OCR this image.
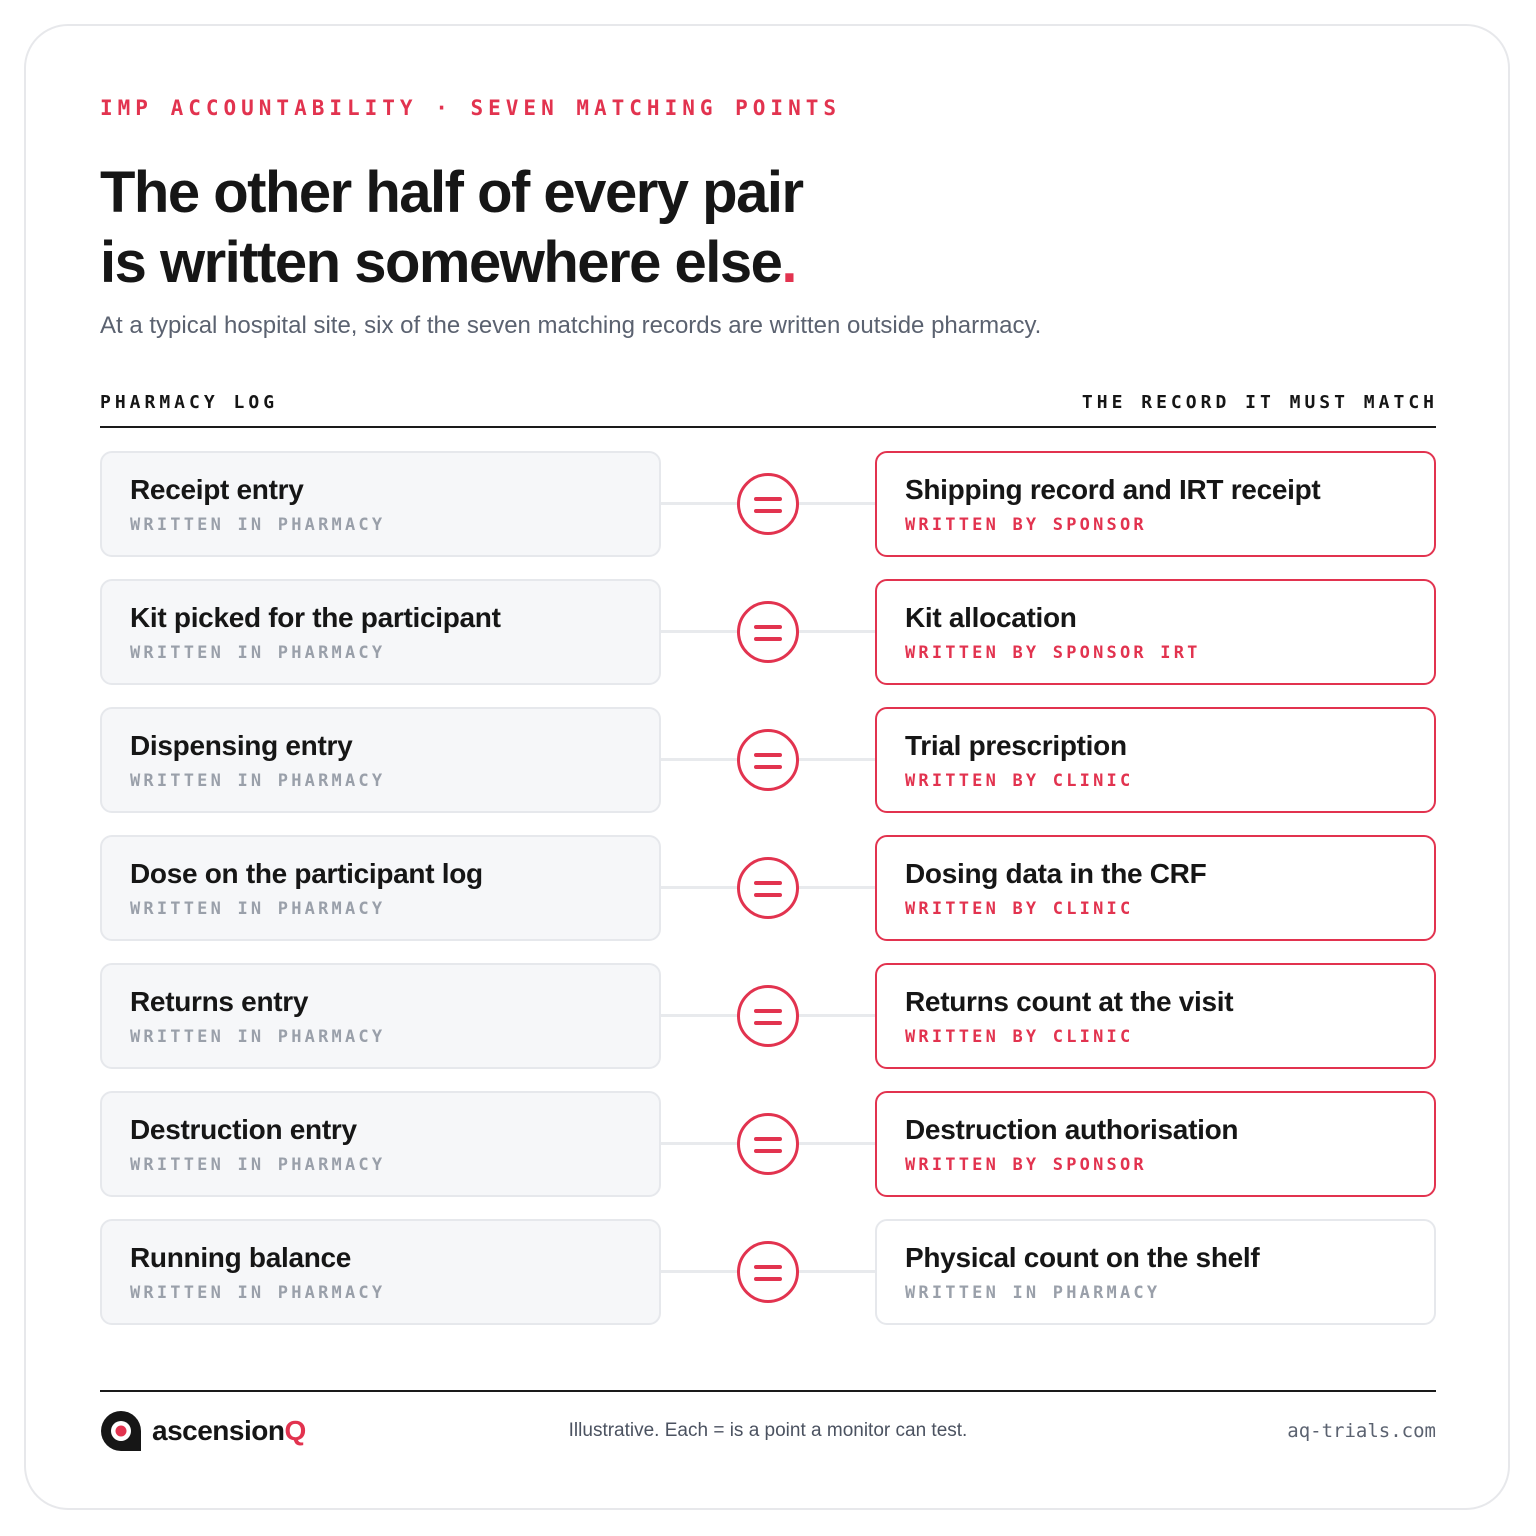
IMP ACCOUNTABILITY · SEVEN MATCHING POINTS
The other half of every pair
is written somewhere else.
At a typical hospital site, six of the seven matching records are written outside pharmacy.
PHARMACY LOG	THE RECORD IT MUST MATCH
Receipt entry
WRITTEN IN PHARMACY
Shipping record and IRT receipt
WRITTEN BY SPONSOR
Kit picked for the participant
WRITTEN IN PHARMACY
Kit allocation
WRITTEN BY SPONSOR IRT
Dispensing entry
WRITTEN IN PHARMACY
Trial prescription
WRITTEN BY CLINIC
Dose on the participant log
WRITTEN IN PHARMACY
Dosing data in the CRF
WRITTEN BY CLINIC
Returns entry
WRITTEN IN PHARMACY
Returns count at the visit
WRITTEN BY CLINIC
Destruction entry
WRITTEN IN PHARMACY
Destruction authorisation
WRITTEN BY SPONSOR
Running balance
WRITTEN IN PHARMACY
Physical count on the shelf
WRITTEN IN PHARMACY
ascensionQ	Illustrative. Each = is a point a monitor can test.	aq-trials.com
